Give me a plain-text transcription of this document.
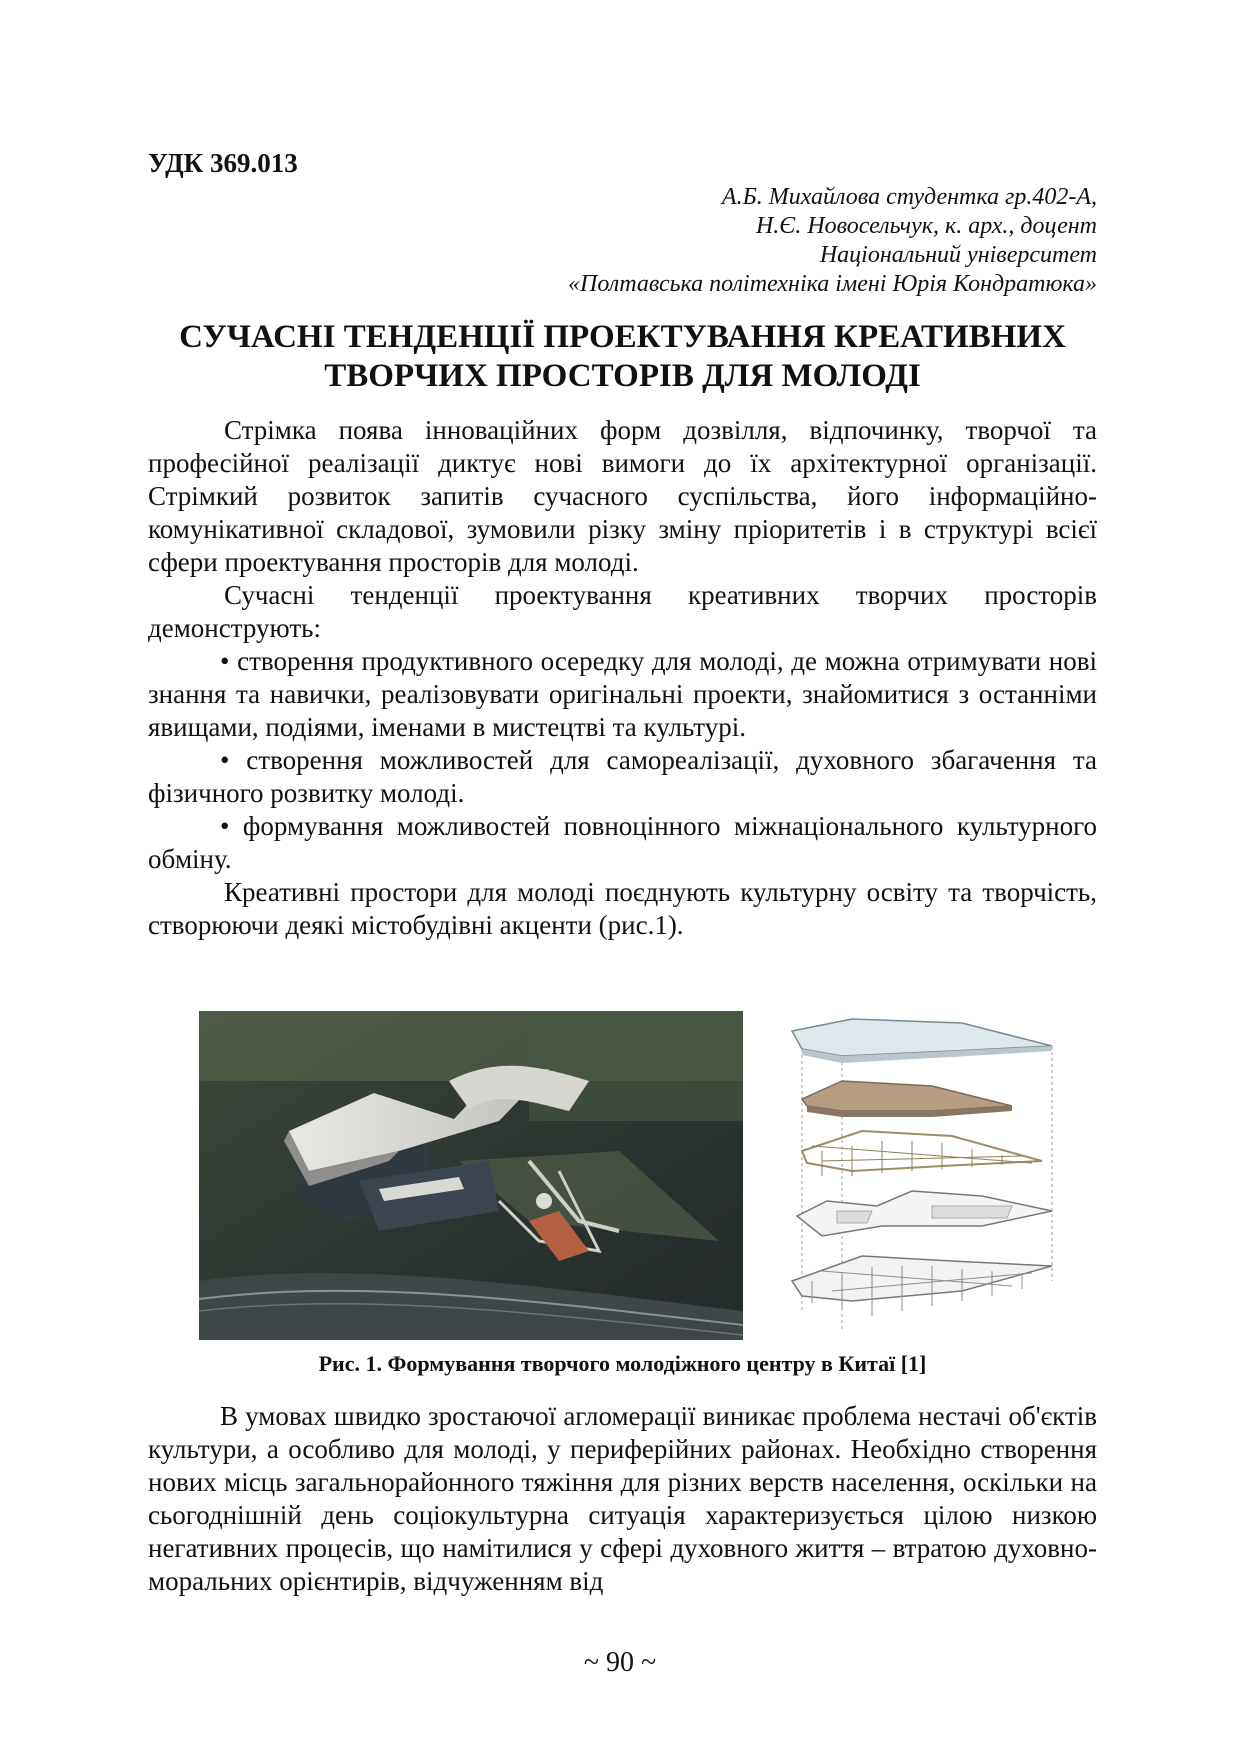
УДК 369.013
А.Б. Михайлова студентка гр.402-А,
Н.Є. Новосельчук, к. арх., доцент
Національний університет
«Полтавська політехніка імені Юрія Кондратюка»
СУЧАСНІ ТЕНДЕНЦІЇ ПРОЕКТУВАННЯ КРЕАТИВНИХ
ТВОРЧИХ ПРОСТОРІВ ДЛЯ МОЛОДІ

Стрімка поява інноваційних форм дозвілля, відпочинку, творчої та професійної реалізації диктує нові вимоги до їх архітектурної організації. Стрімкий розвиток запитів сучасного суспільства, його інформаційно-комунікативної складової, зумовили різку зміну пріоритетів і в структурі всієї сфери проектування просторів для молоді.

Сучасні тенденції проектування креативних творчих просторів демонструють:

• створення продуктивного осередку для молоді, де можна отримувати нові знання та навички, реалізовувати оригінальні проекти, знайомитися з останніми явищами, подіями, іменами в мистецтві та культурі.

• створення можливостей для самореалізації, духовного збагачення та фізичного розвитку молоді.

• формування можливостей повноцінного міжнаціонального культурного обміну.

Креативні простори для молоді поєднують культурну освіту та творчість, створюючи деякі містобудівні акценти (рис.1).

Рис. 1. Формування творчого молодіжного центру в Китаї [1]

В умовах швидко зростаючої агломерації виникає проблема нестачі об'єктів культури, а особливо для молоді, у периферійних районах. Необхідно створення нових місць загальнорайонного тяжіння для різних верств населення, оскільки на сьогоднішній день соціокультурна ситуація характеризується цілою низкою негативних процесів, що намітилися у сфері духовного життя – втратою духовно-моральних орієнтирів, відчуженням від

~ 90 ~
